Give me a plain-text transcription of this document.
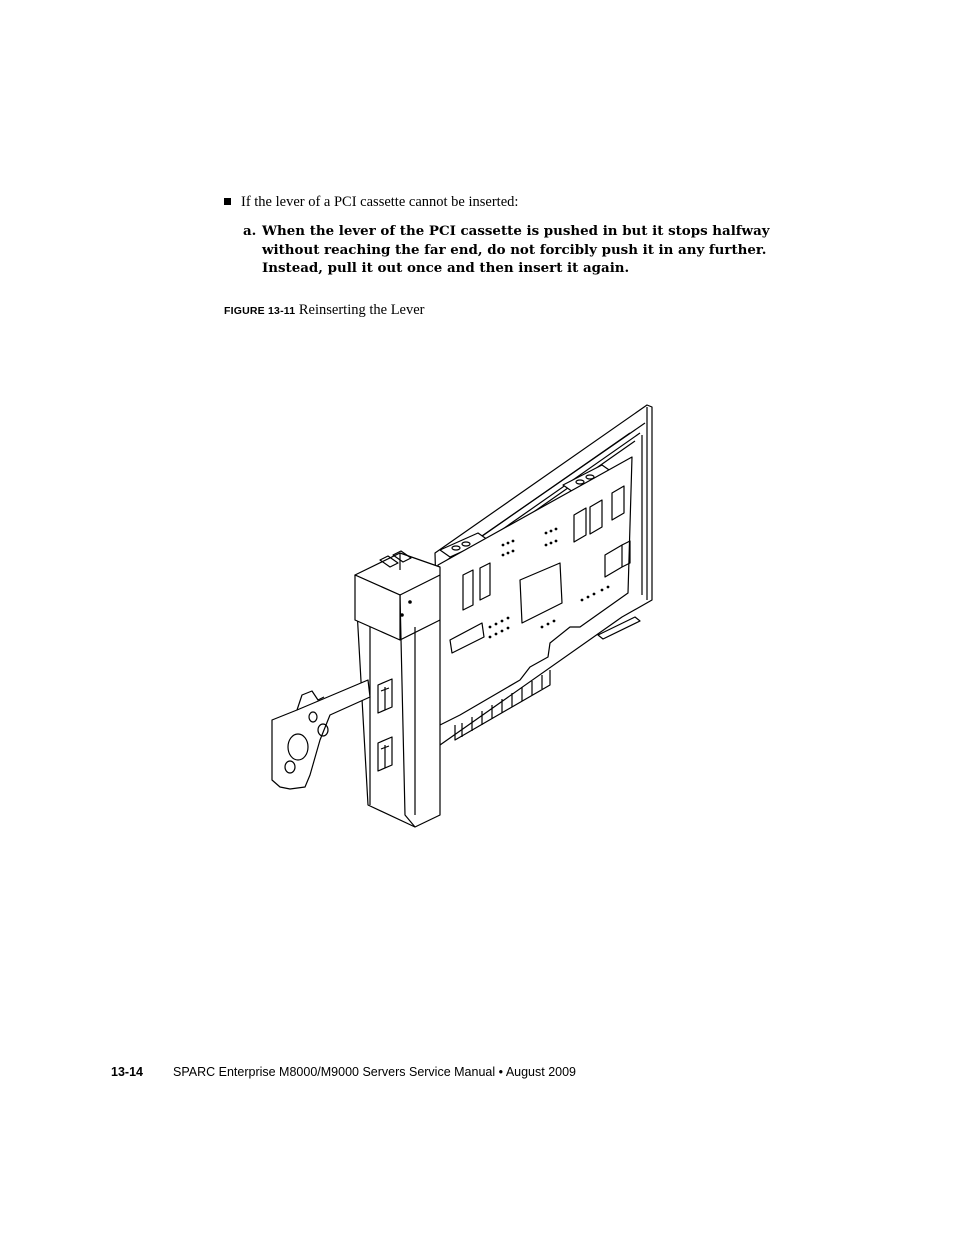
If the lever of a PCI cassette cannot be inserted:
a. When the lever of the PCI cassette is pushed in but it stops halfway without reaching the far end, do not forcibly push it in any further. Instead, pull it out once and then insert it again.
FIGURE 13-11 Reinserting the Lever
13-14 SPARC Enterprise M8000/M9000 Servers Service Manual • August 2009
